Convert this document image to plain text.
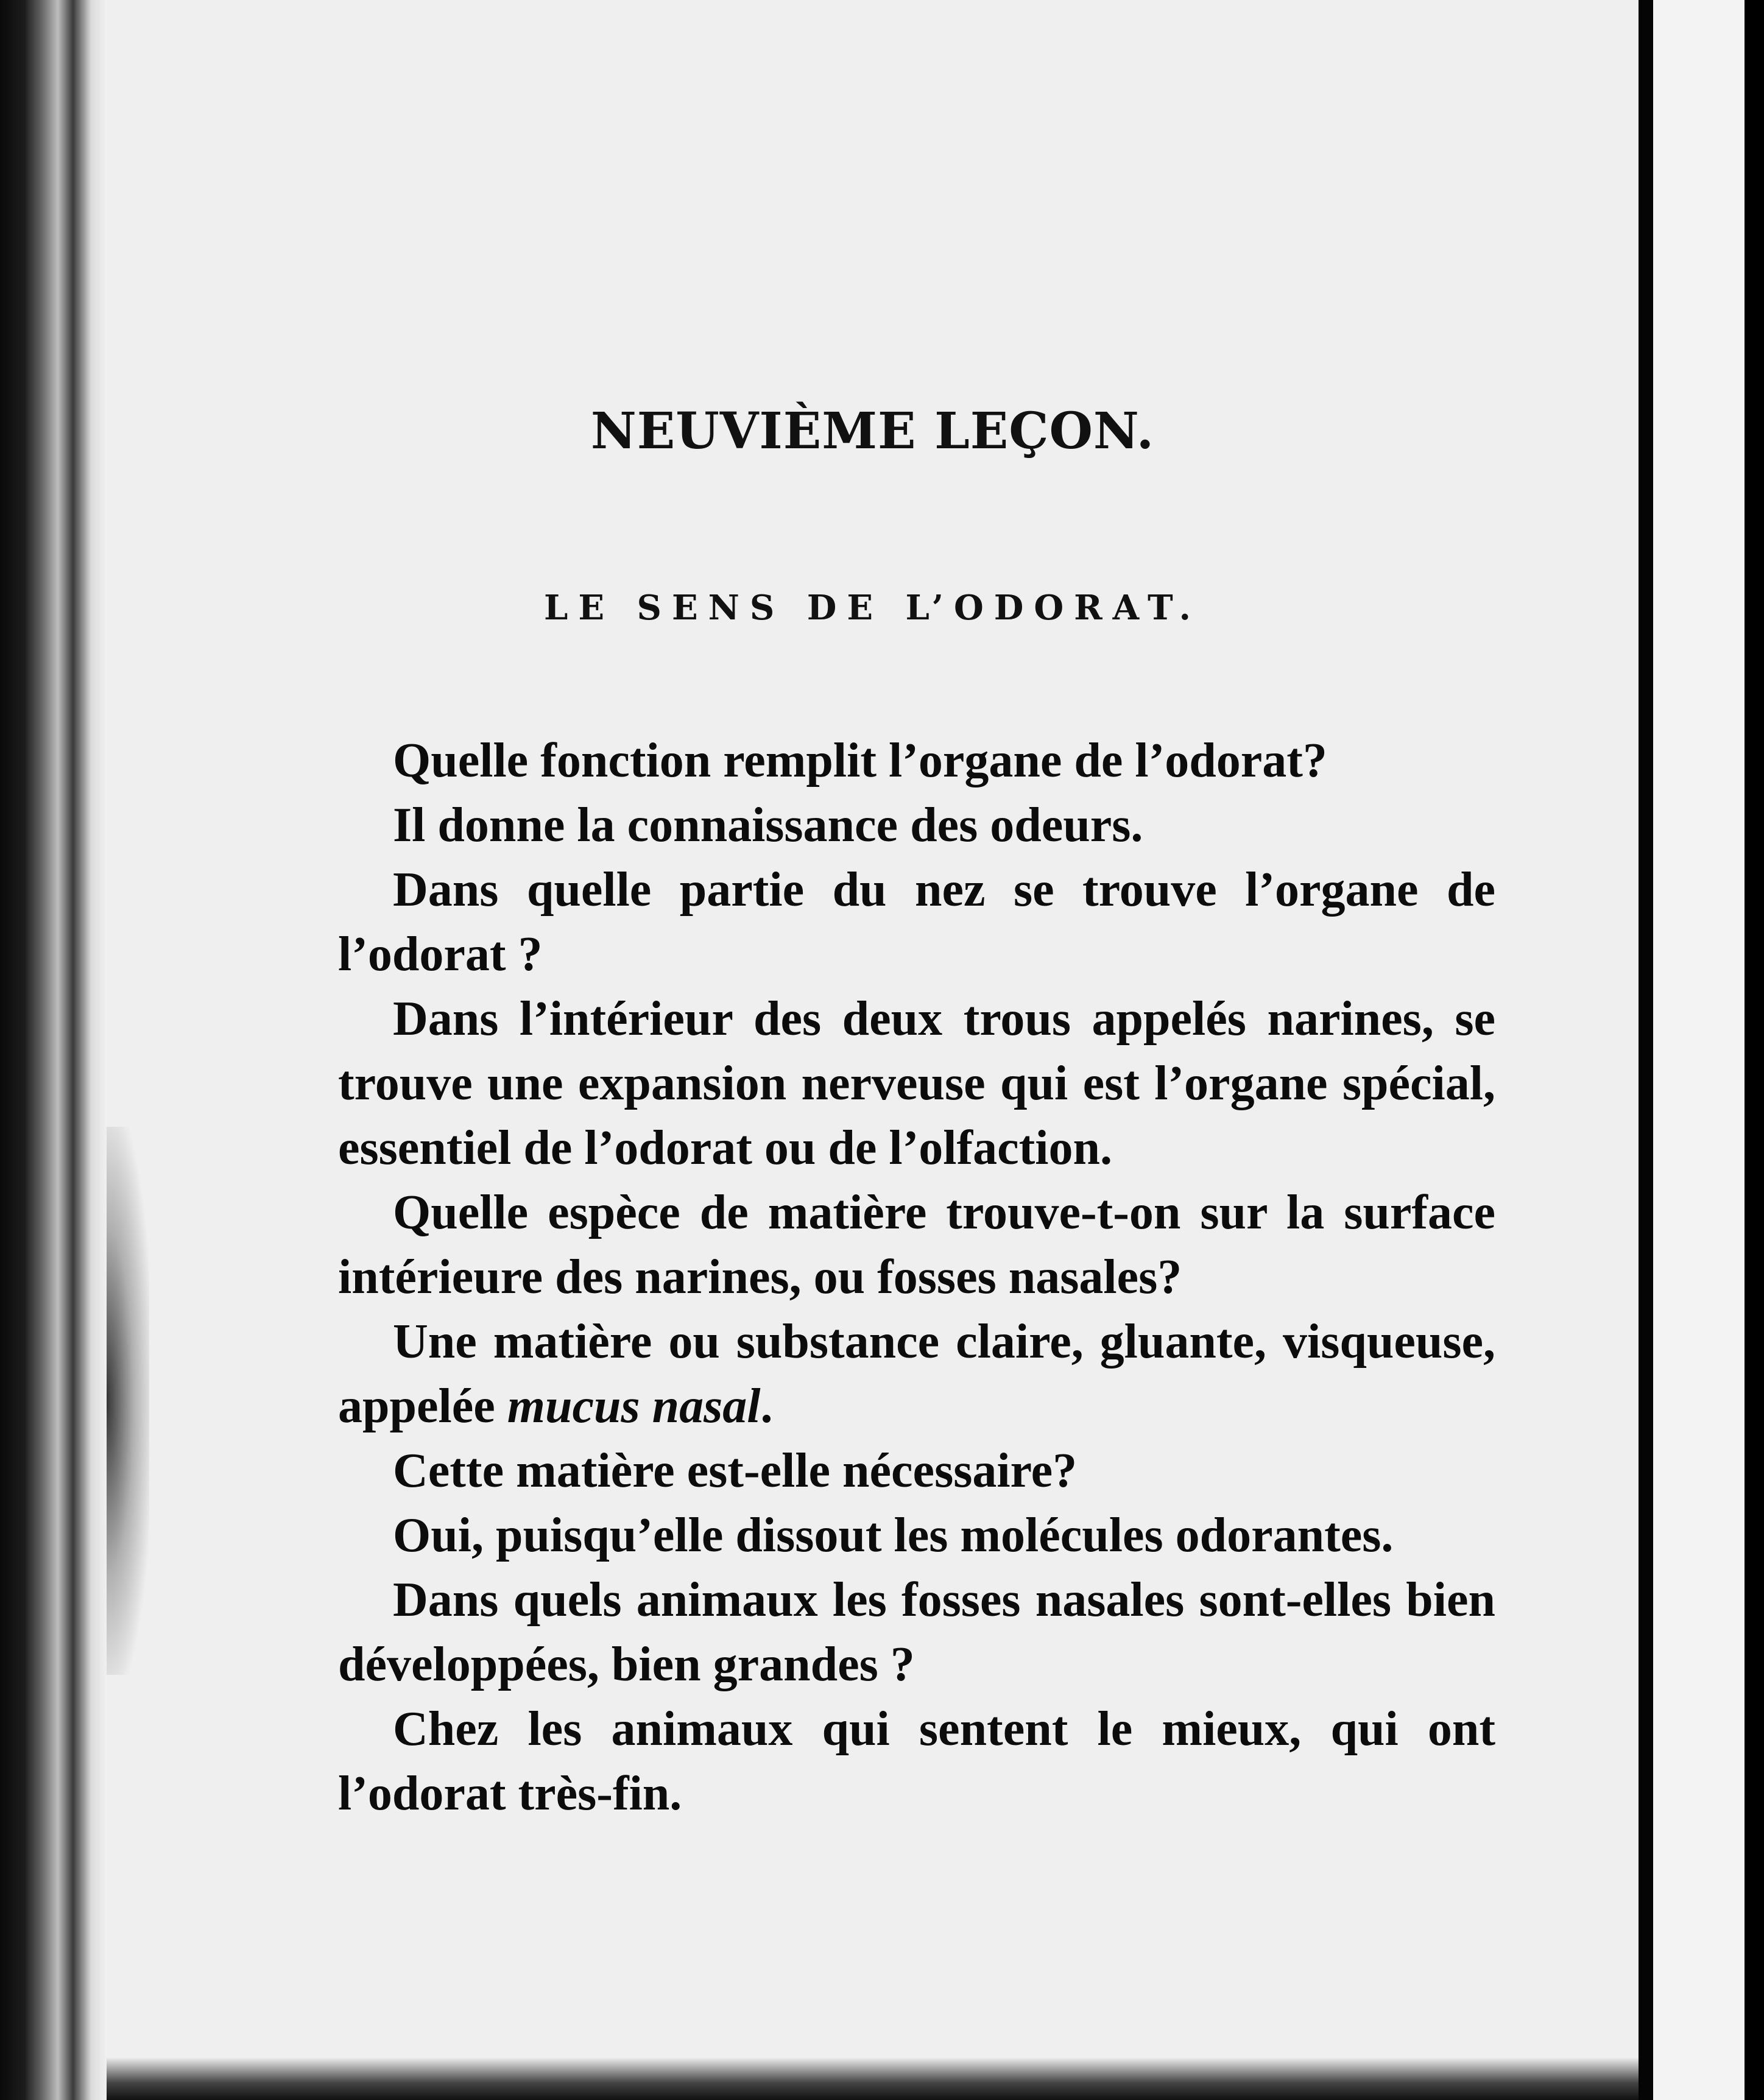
NEUVIÈME LEÇON.
LE SENS DE L’ODORAT.

Quelle fonction remplit l’organe de l’odorat?

Il donne la connaissance des odeurs.

Dans quelle partie du nez se trouve l’organe de l’odorat ?

Dans l’intérieur des deux trous appelés narines, se trouve une expansion nerveuse qui est l’organe spécial, essentiel de l’odorat ou de l’olfaction.

Quelle espèce de matière trouve-t-on sur la surface intérieure des narines, ou fosses nasales?

Une matière ou substance claire, gluante, visqueuse, appelée mucus nasal.

Cette matière est-elle nécessaire?

Oui, puisqu’elle dissout les molécules odorantes.

Dans quels animaux les fosses nasales sont-elles bien développées, bien grandes ?

Chez les animaux qui sentent le mieux, qui ont l’odorat très-fin.
